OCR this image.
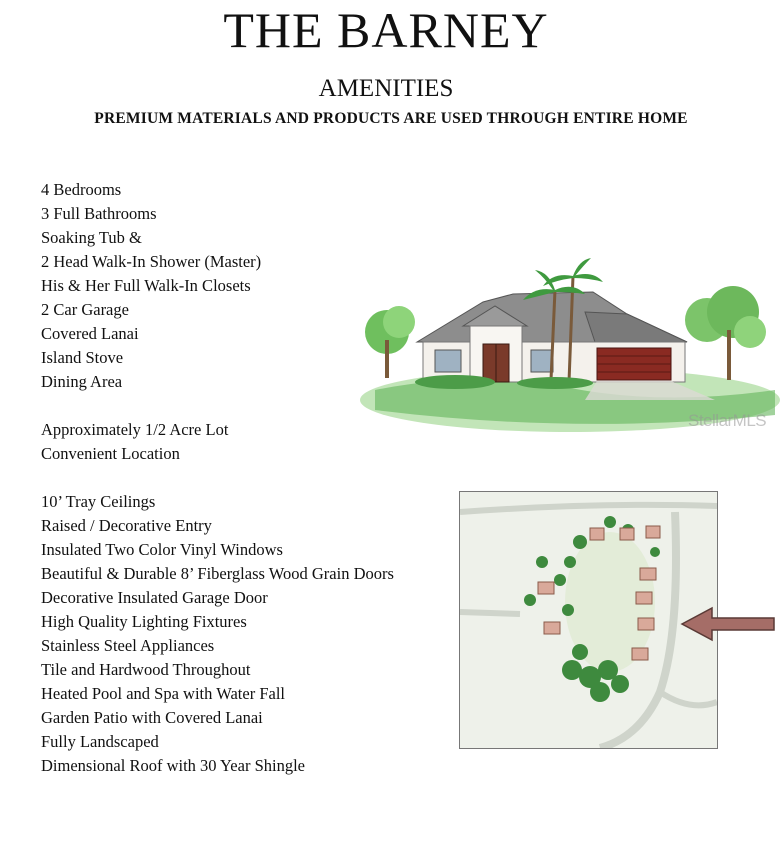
THE BARNEY
AMENITIES
PREMIUM MATERIALS AND PRODUCTS ARE USED THROUGH ENTIRE HOME
4 Bedrooms
3 Full Bathrooms
Soaking Tub &
2 Head Walk-In Shower (Master)
His & Her Full Walk-In Closets
2 Car Garage
Covered Lanai
Island Stove
Dining Area
Approximately 1/2 Acre Lot
Convenient Location
10’ Tray Ceilings
Raised / Decorative Entry
Insulated Two Color Vinyl Windows
Beautiful & Durable 8’ Fiberglass Wood Grain Doors
Decorative Insulated Garage Door
High Quality Lighting Fixtures
Stainless Steel Appliances
Tile and Hardwood Throughout
Heated Pool and Spa with Water Fall
Garden Patio with Covered Lanai
Fully Landscaped
Dimensional Roof with 30 Year Shingle
StellarMLS
